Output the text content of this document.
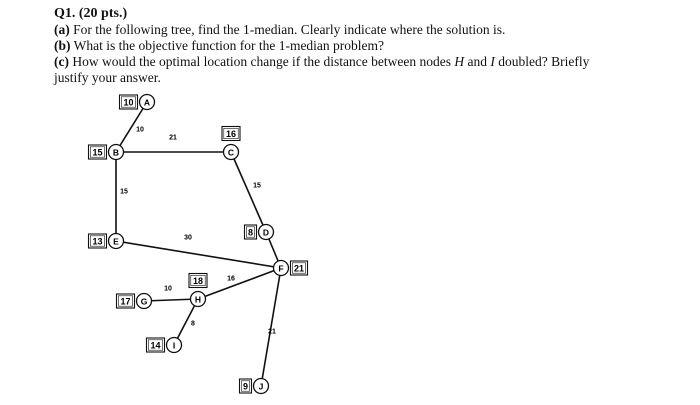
Q1. (20 pts.)

(a) For the following tree, find the 1-median. Clearly indicate where the solution is.

(b) What is the objective function for the 1-median problem?

(c) How would the optimal location change if the distance between nodes H and I doubled? Briefly

justify your answer.

10
21
15
15
30
16
21
10
8
10 A
15 B
16
C
8 D
13 E
21
F
17 G
18
H
14 I
9 J
